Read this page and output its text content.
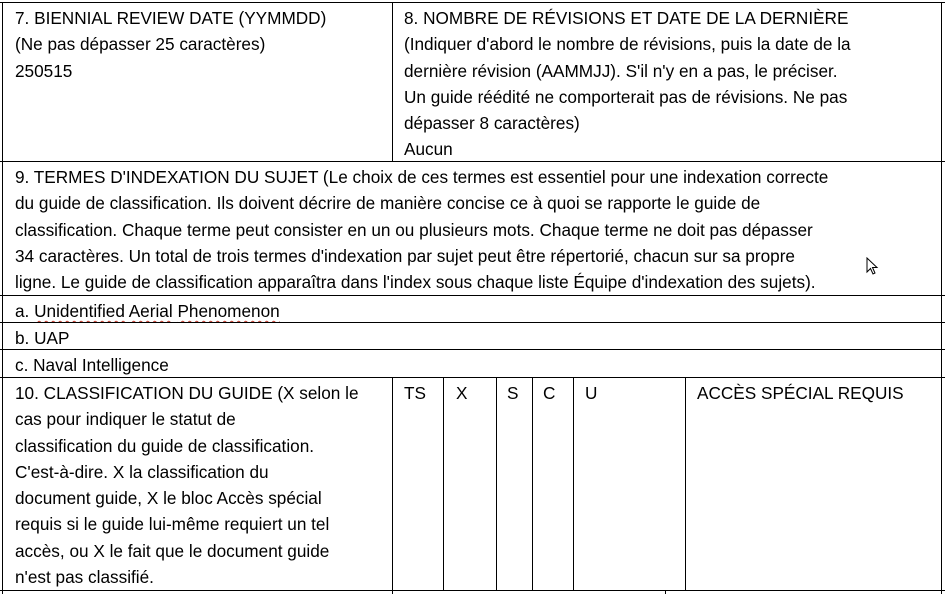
7. BIENNIAL REVIEW DATE (YYMMDD)
(Ne pas dépasser 25 caractères)
250515
8. NOMBRE DE RÉVISIONS ET DATE DE LA DERNIÈRE
(Indiquer d'abord le nombre de révisions, puis la date de la
dernière révision (AAMMJJ). S'il n'y en a pas, le préciser.
Un guide réédité ne comporterait pas de révisions. Ne pas
dépasser 8 caractères)
Aucun
9. TERMES D'INDEXATION DU SUJET (Le choix de ces termes est essentiel pour une indexation correcte
du guide de classification. Ils doivent décrire de manière concise ce à quoi se rapporte le guide de
classification. Chaque terme peut consister en un ou plusieurs mots. Chaque terme ne doit pas dépasser
34 caractères. Un total de trois termes d'indexation par sujet peut être répertorié, chacun sur sa propre
ligne. Le guide de classification apparaîtra dans l'index sous chaque liste Équipe d'indexation des sujets).
a. Unidentified Aerial Phenomenon
b. UAP
c. Naval Intelligence
10. CLASSIFICATION DU GUIDE (X selon le
cas pour indiquer le statut de
classification du guide de classification.
C'est-à-dire. X la classification du
document guide, X le bloc Accès spécial
requis si le guide lui-même requiert un tel
accès, ou X le fait que le document guide
n'est pas classifié.
TS	X	S	C	U	ACCÈS SPÉCIAL REQUIS
